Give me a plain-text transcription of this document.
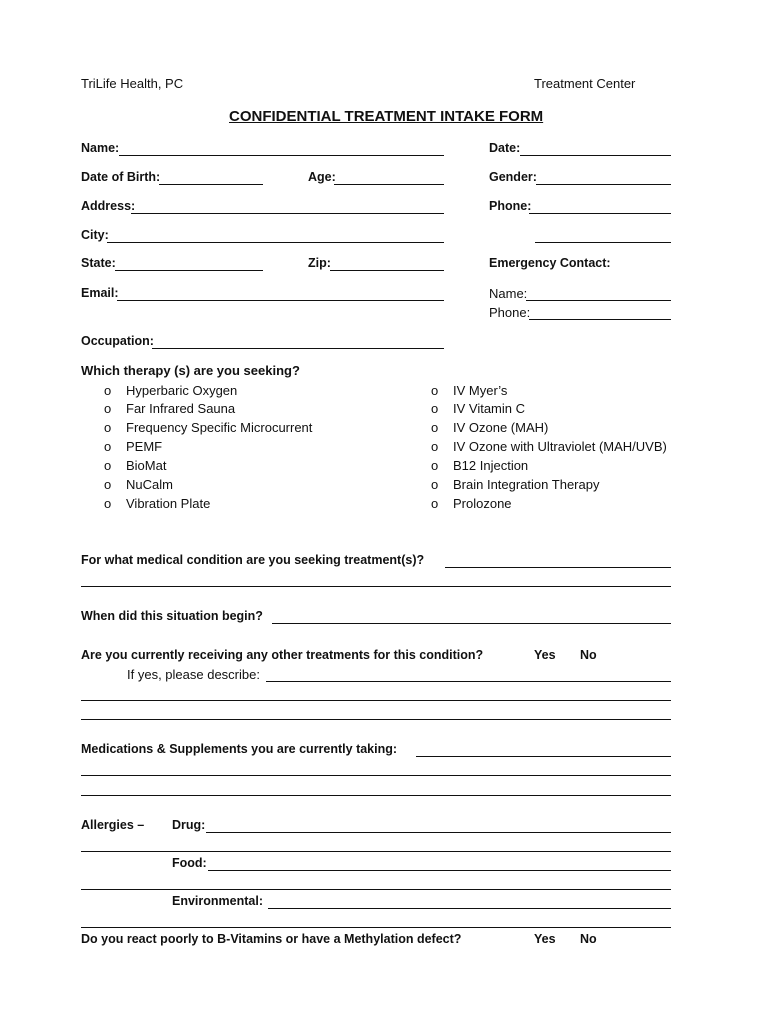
TriLife Health, PC	Treatment Center
CONFIDENTIAL TREATMENT INTAKE FORM
Name:	Date:
Date of Birth:	Age:	Gender:
Address:	Phone:
City:
State:	Zip:	Emergency Contact:
Email:	Name:
Phone:
Occupation:
Which therapy (s) are you seeking?
o Hyperbaric Oxygen
o Far Infrared Sauna
o Frequency Specific Microcurrent
o PEMF
o BioMat
o NuCalm
o Vibration Plate
o IV Myer’s
o IV Vitamin C
o IV Ozone (MAH)
o IV Ozone with Ultraviolet (MAH/UVB)
o B12 Injection
o Brain Integration Therapy
o Prolozone
For what medical condition are you seeking treatment(s)?
When did this situation begin?
Are you currently receiving any other treatments for this condition?	Yes No
If yes, please describe:
Medications & Supplements you are currently taking:
Allergies – Drug:
Food:
Environmental:
Do you react poorly to B-Vitamins or have a Methylation defect?	Yes No
